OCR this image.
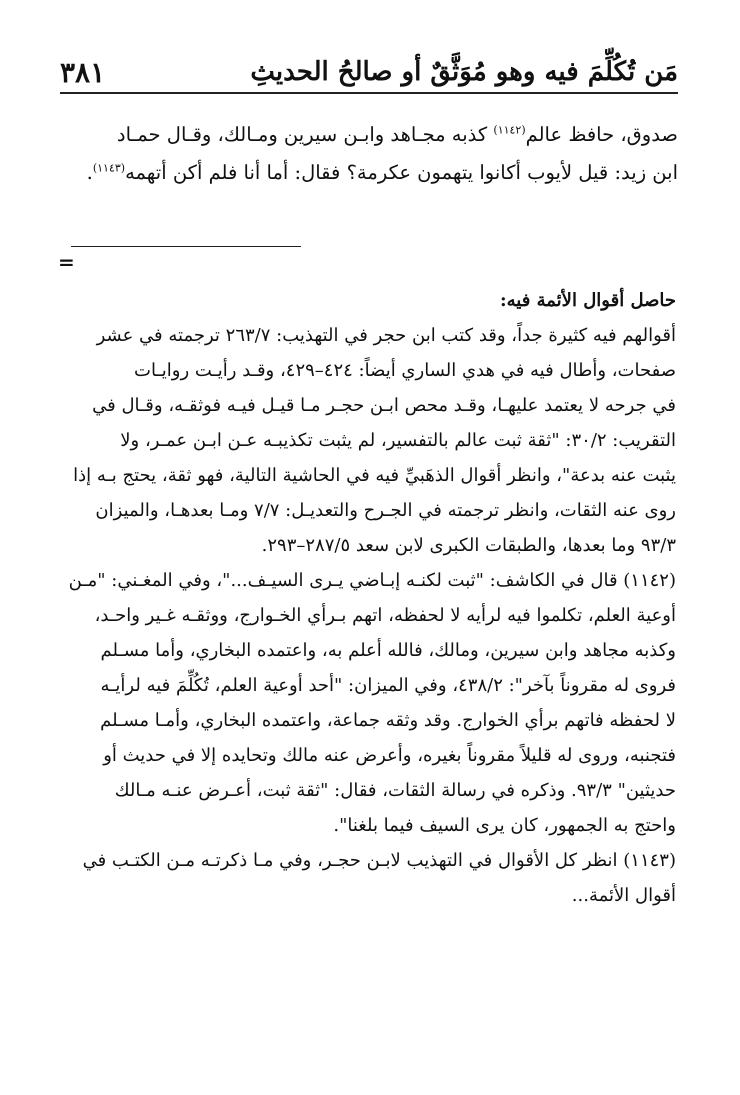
مَن تُكُلِّمَ فيه وهو مُوَثَّقٌ أو صالحُ الحديثِ
٣٨١
صدوق، حافظ عالم$^{(١١٤٢)}$ كذبه مجـاهد وابـن سيرين ومـالك، وقـال حمـاد
ابن زيد: قيل لأيوب أكانوا يتهمون عكرمة؟ فقال: أما أنا فلم أكن أتهمه$^{(١١٤٣)}$.
=
حاصل أقوال الأئمة فيه:
أقوالهم فيه كثيرة جداً، وقد كتب ابن حجر في التهذيب: ٢٦٣/٧ ترجمته في عشر
صفحات، وأطال فيه في هدي الساري أيضاً: ٤٢٤–٤٢٩، وقـد رأيـت روايـات
في جرحه لا يعتمد عليهـا، وقـد محص ابـن حجـر مـا قيـل فيـه فوثقـه، وقـال في
التقريب: ٣٠/٢: "ثقة ثبت عالم بالتفسير، لم يثبت تكذيبـه عـن ابـن عمـر، ولا
يثبت عنه بدعة"، وانظر أقوال الذهَبيِّ فيه في الحاشية التالية، فهو ثقة، يحتج بـه إذا
روى عنه الثقات، وانظر ترجمته في الجـرح والتعديـل: ٧/٧ ومـا بعدهـا، والميزان
٩٣/٣ وما بعدها، والطبقات الكبرى لابن سعد ٢٨٧/٥–٢٩٣.
(١١٤٢) قال في الكاشف: "ثبت لكنـه إبـاضي يـرى السيـف..."، وفي المغـني: "مـن
أوعية العلم، تكلموا فيه لرأيه لا لحفظه، اتهم بـرأي الخـوارج، ووثقـه غـير واحـد،
وكذبه مجاهد وابن سيرين، ومالك، فالله أعلم به، واعتمده البخاري، وأما مسـلم
فروى له مقروناً بآخر": ٤٣٨/٢، وفي الميزان: "أحد أوعية العلم، تُكُلِّمَ فيه لرأيـه
لا لحفظه فاتهم برأي الخوارج. وقد وثقه جماعة، واعتمده البخاري، وأمـا مسـلم
فتجنبه، وروى له قليلاً مقروناً بغيره، وأعرض عنه مالك وتحايده إلا في حديث أو
حديثين" ٩٣/٣. وذكره في رسالة الثقات، فقال: "ثقة ثبت، أعـرض عنـه مـالك
واحتج به الجمهور، كان يرى السيف فيما بلغنا".
(١١٤٣) انظر كل الأقوال في التهذيب لابـن حجـر، وفي مـا ذكرتـه مـن الكتـب في
أقوال الأئمة...
